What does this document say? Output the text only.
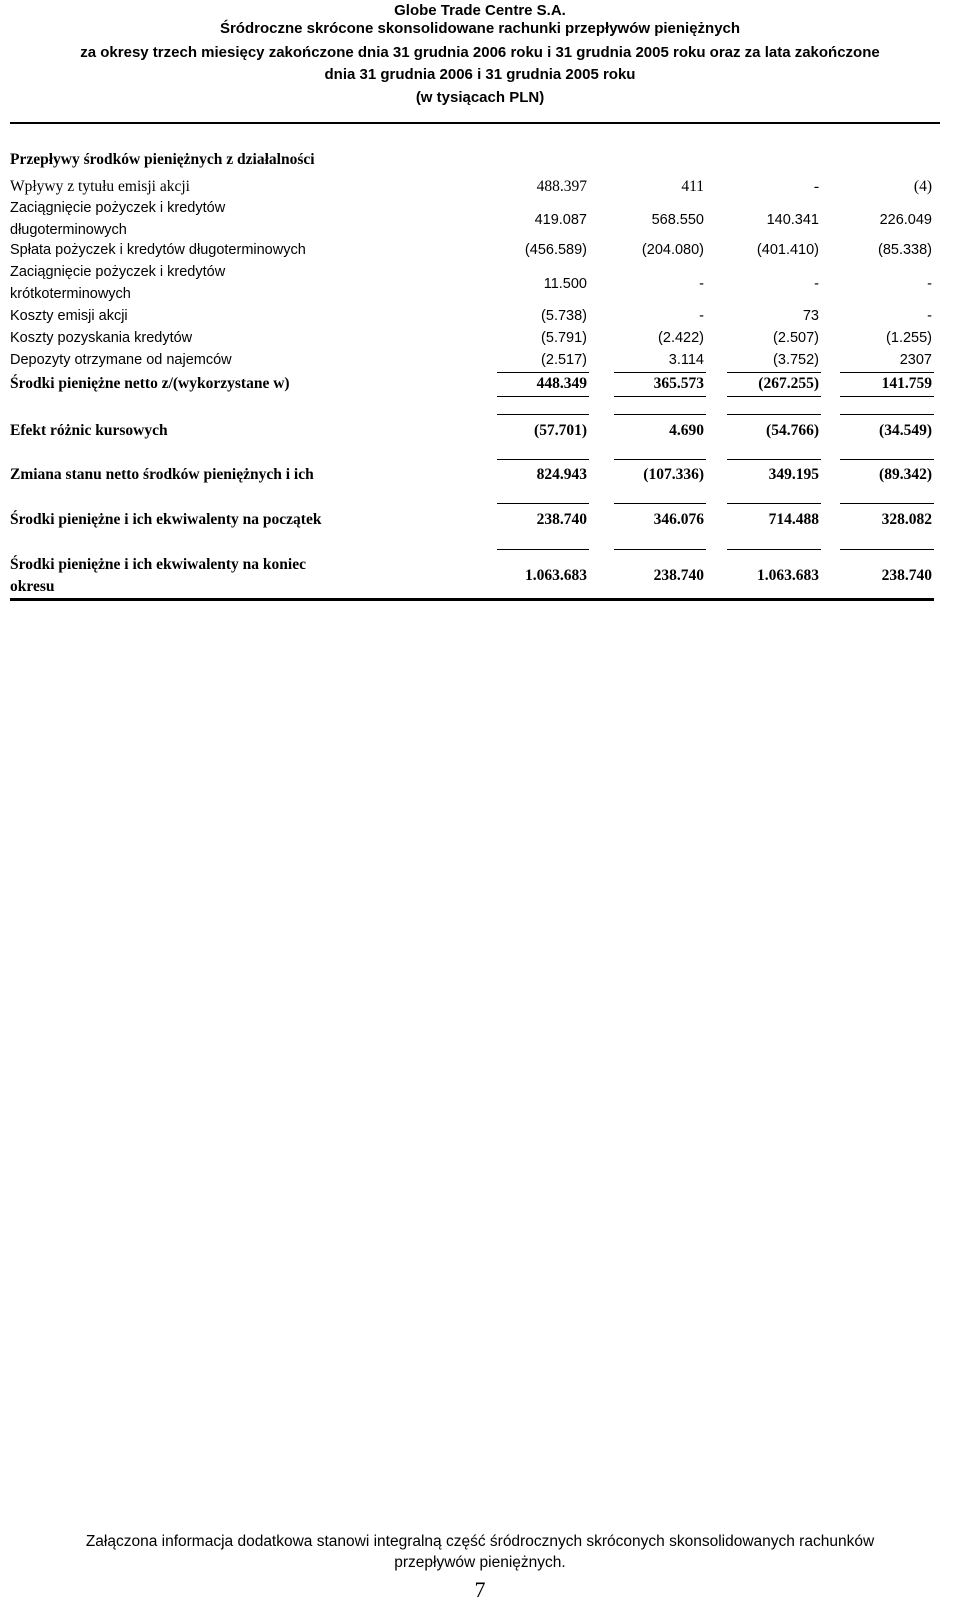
Globe Trade Centre S.A.
Śródroczne skrócone skonsolidowane rachunki przepływów pieniężnych
za okresy trzech miesięcy zakończone dnia 31 grudnia 2006 roku i 31 grudnia 2005 roku oraz za lata zakończone
dnia 31 grudnia 2006 i 31 grudnia 2005 roku
(w tysiącach PLN)
Przepływy środków pieniężnych z działalności
Wpływy z tytułu emisji akcji	488.397	411	-	(4)
Zaciągnięcie pożyczek i kredytów
długoterminowych
419.087	568.550	140.341	226.049
Spłata pożyczek i kredytów długoterminowych	(456.589)	(204.080)	(401.410)	(85.338)
Zaciągnięcie pożyczek i kredytów
krótkoterminowych
11.500	-	-	-
Koszty emisji akcji	(5.738)	-	73	-
Koszty pozyskania kredytów	(5.791)	(2.422)	(2.507)	(1.255)
Depozyty otrzymane od najemców	(2.517)	3.114	(3.752)	2307
Środki pieniężne netto z/(wykorzystane w)	448.349	365.573	(267.255)	141.759
Efekt różnic kursowych	(57.701)	4.690	(54.766)	(34.549)
Zmiana stanu netto środków pieniężnych i ich	824.943	(107.336)	349.195	(89.342)
Środki pieniężne i ich ekwiwalenty na początek	238.740	346.076	714.488	328.082
Środki pieniężne i ich ekwiwalenty na koniec
okresu
1.063.683	238.740	1.063.683	238.740
Załączona informacja dodatkowa stanowi integralną część śródrocznych skróconych skonsolidowanych rachunków
przepływów pieniężnych.
7
